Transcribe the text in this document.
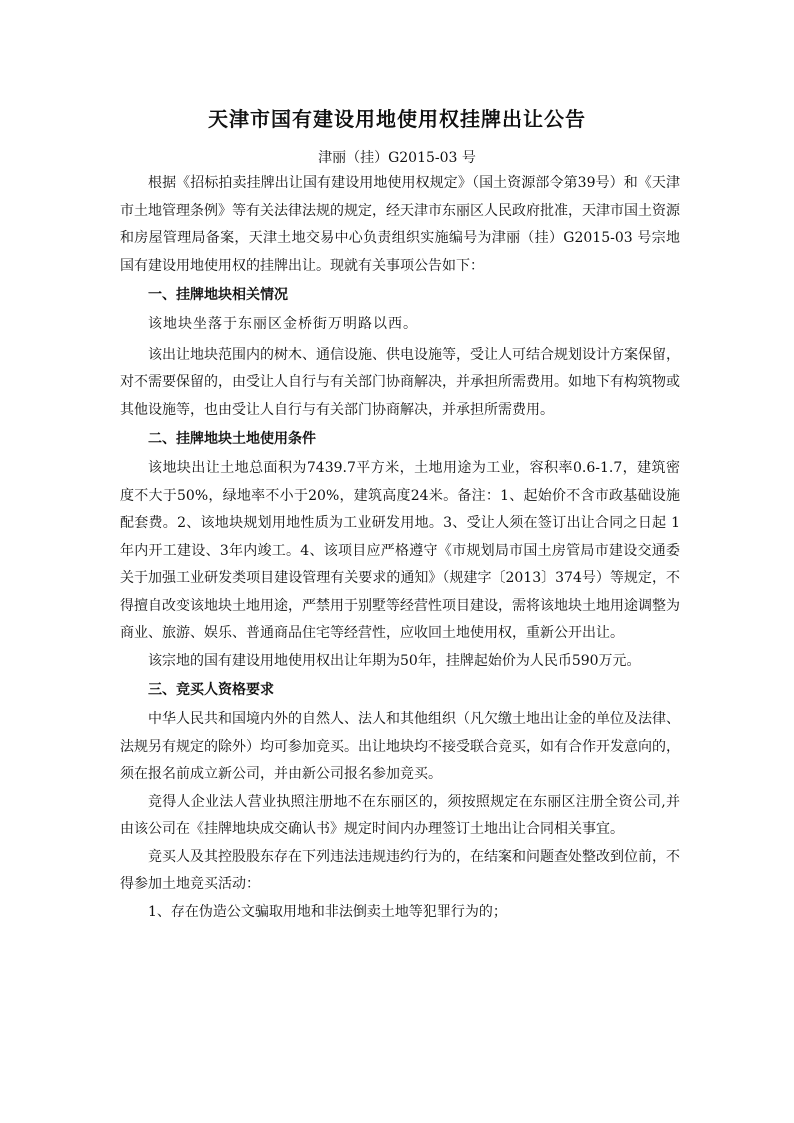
天津市国有建设用地使用权挂牌出让公告
津丽（挂）G2015-03 号

根据《招标拍卖挂牌出让国有建设用地使用权规定》（国土资源部令第39号）和《天津市土地管理条例》等有关法律法规的规定，经天津市东丽区人民政府批准，天津市国土资源和房屋管理局备案，天津土地交易中心负责组织实施编号为津丽（挂）G2015-03 号宗地国有建设用地使用权的挂牌出让。现就有关事项公告如下：

一、挂牌地块相关情况

该地块坐落于东丽区金桥街万明路以西。

该出让地块范围内的树木、通信设施、供电设施等，受让人可结合规划设计方案保留，对不需要保留的，由受让人自行与有关部门协商解决，并承担所需费用。如地下有构筑物或其他设施等，也由受让人自行与有关部门协商解决，并承担所需费用。

二、挂牌地块土地使用条件

该地块出让土地总面积为7439.7平方米，土地用途为工业，容积率0.6-1.7，建筑密度不大于50%，绿地率不小于20%，建筑高度24米。备注：1、起始价不含市政基础设施配套费。2、该地块规划用地性质为工业研发用地。3、受让人须在签订出让合同之日起 1 年内开工建设、3年内竣工。4、该项目应严格遵守《市规划局市国土房管局市建设交通委关于加强工业研发类项目建设管理有关要求的通知》（规建字〔2013〕374号）等规定，不得擅自改变该地块土地用途，严禁用于别墅等经营性项目建设，需将该地块土地用途调整为商业、旅游、娱乐、普通商品住宅等经营性，应收回土地使用权，重新公开出让。

该宗地的国有建设用地使用权出让年期为50年，挂牌起始价为人民币590万元。

三、竞买人资格要求

中华人民共和国境内外的自然人、法人和其他组织（凡欠缴土地出让金的单位及法律、法规另有规定的除外）均可参加竞买。出让地块均不接受联合竞买，如有合作开发意向的，须在报名前成立新公司，并由新公司报名参加竞买。

竞得人企业法人营业执照注册地不在东丽区的，须按照规定在东丽区注册全资公司,并由该公司在《挂牌地块成交确认书》规定时间内办理签订土地出让合同相关事宜。

竞买人及其控股股东存在下列违法违规违约行为的，在结案和问题查处整改到位前，不得参加土地竞买活动：

1、存在伪造公文骗取用地和非法倒卖土地等犯罪行为的；
